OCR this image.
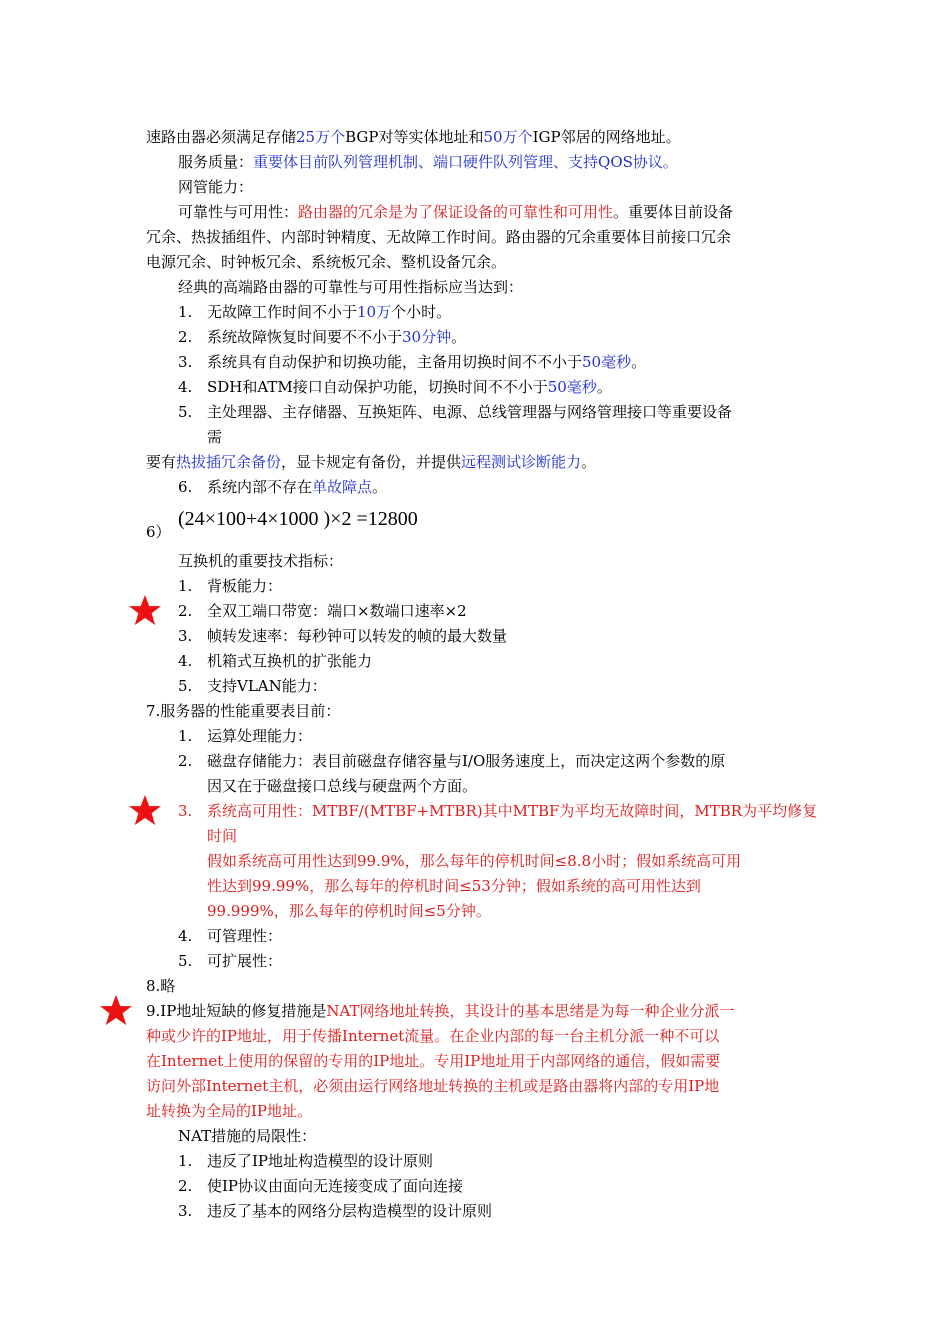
速路由器必须满足存储25万个BGP对等实体地址和50万个IGP邻居的网络地址。
服务质量：重要体目前队列管理机制、端口硬件队列管理、支持QOS协议。
网管能力：
可靠性与可用性：路由器的冗余是为了保证设备的可靠性和可用性。重要体目前设备
冗余、热拔插组件、内部时钟精度、无故障工作时间。路由器的冗余重要体目前接口冗余
电源冗余、时钟板冗余、系统板冗余、整机设备冗余。
经典的高端路由器的可靠性与可用性指标应当达到：
1. 无故障工作时间不小于10万个小时。
2. 系统故障恢复时间要不不小于30分钟。
3. 系统具有自动保护和切换功能，主备用切换时间不不小于50毫秒。
4. SDH和ATM接口自动保护功能，切换时间不不小于50毫秒。
5. 主处理器、主存储器、互换矩阵、电源、总线管理器与网络管理接口等重要设备
需
要有热拔插冗余备份，显卡规定有备份，并提供远程测试诊断能力。
6. 系统内部不存在单故障点。
6）
(24×100+4×1000 )×2 =12800
互换机的重要技术指标：
1. 背板能力：
2. 全双工端口带宽：端口×数端口速率×2
3. 帧转发速率：每秒钟可以转发的帧的最大数量
4. 机箱式互换机的扩张能力
5. 支持VLAN能力：
7.服务器的性能重要表目前：
1. 运算处理能力：
2. 磁盘存储能力：表目前磁盘存储容量与I/O服务速度上，而决定这两个参数的原
因又在于磁盘接口总线与硬盘两个方面。
3. 系统高可用性：MTBF/(MTBF+MTBR)其中MTBF为平均无故障时间，MTBR为平均修复
时间
假如系统高可用性达到99.9%，那么每年的停机时间≤8.8小时；假如系统高可用
性达到99.99%，那么每年的停机时间≤53分钟；假如系统的高可用性达到
99.999%，那么每年的停机时间≤5分钟。
4. 可管理性：
5. 可扩展性：
8.略
9.IP地址短缺的修复措施是NAT网络地址转换，其设计的基本思绪是为每一种企业分派一
种或少许的IP地址，用于传播Internet流量。在企业内部的每一台主机分派一种不可以
在Internet上使用的保留的专用的IP地址。专用IP地址用于内部网络的通信，假如需要
访问外部Internet主机，必须由运行网络地址转换的主机或是路由器将内部的专用IP地
址转换为全局的IP地址。
NAT措施的局限性：
1. 违反了IP地址构造模型的设计原则
2. 使IP协议由面向无连接变成了面向连接
3. 违反了基本的网络分层构造模型的设计原则
